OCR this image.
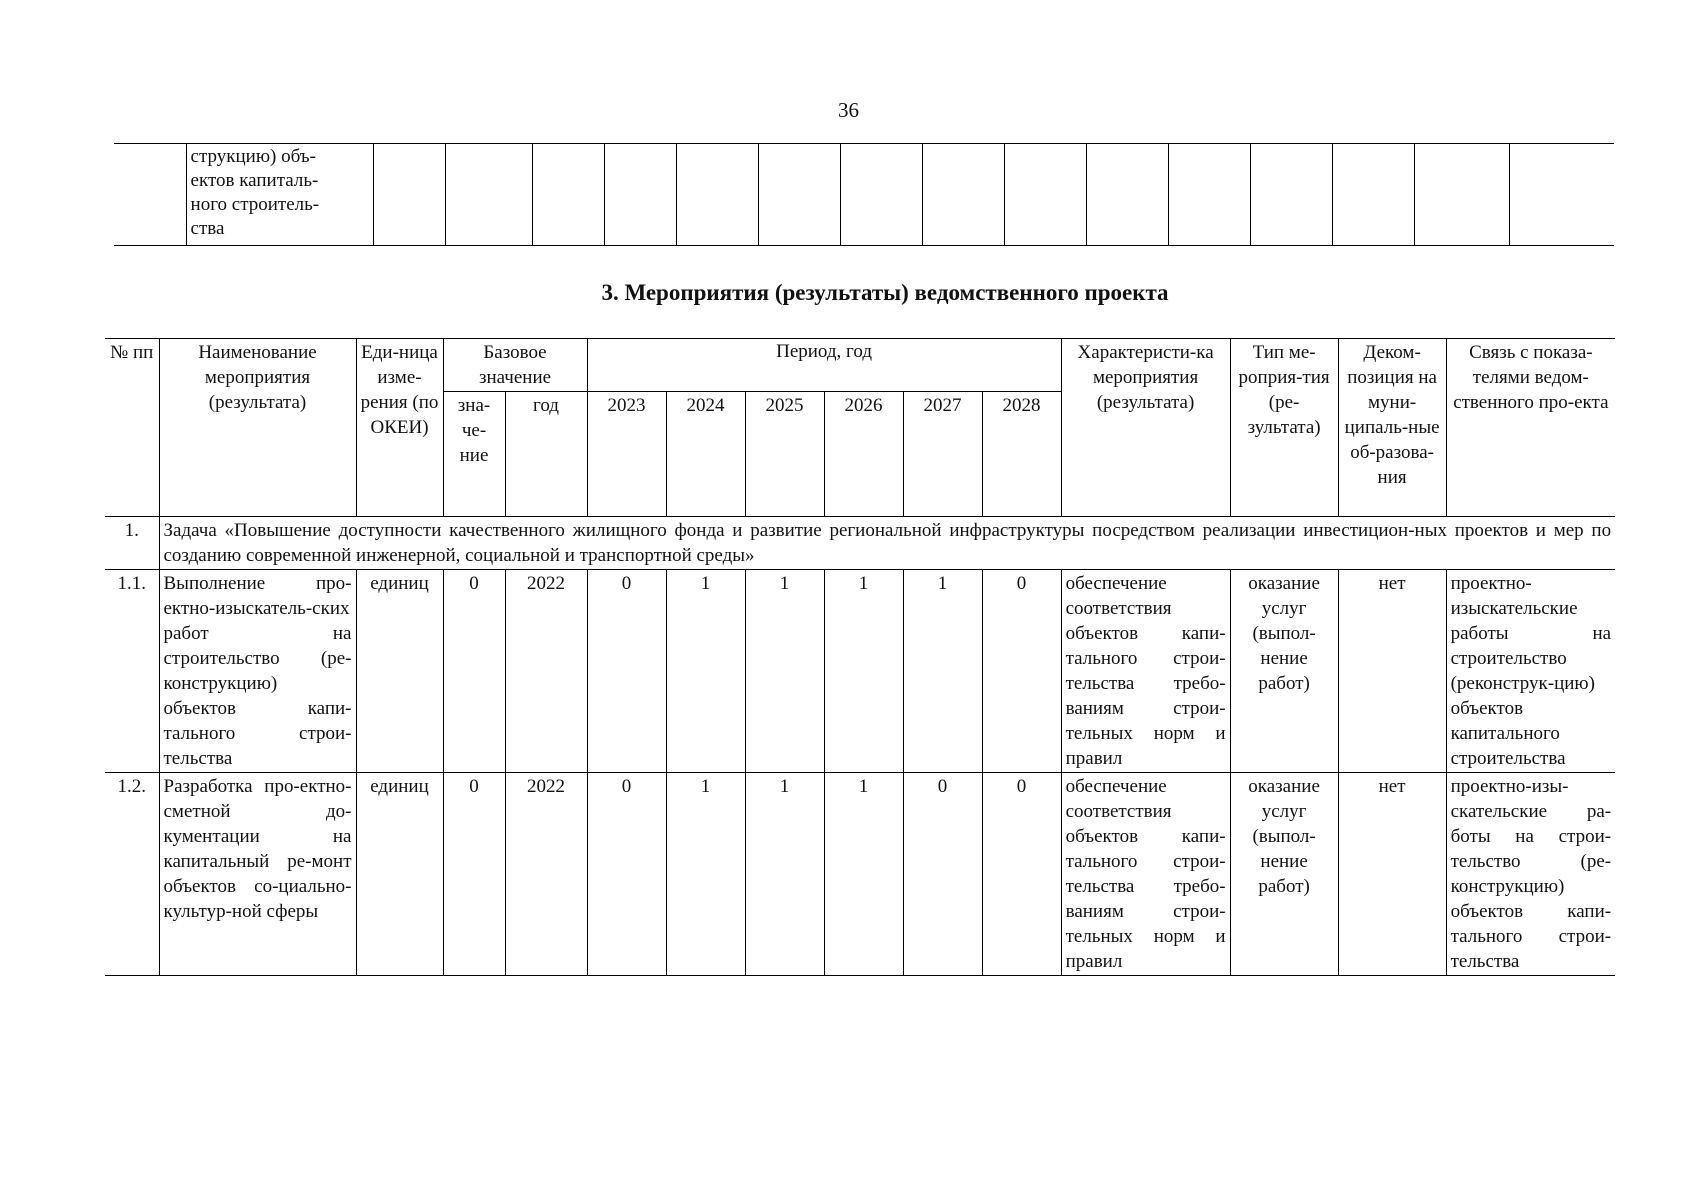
36

струкцию) объ-
ектов капиталь-
ного строитель-
ства

3. Мероприятия (результаты) ведомственного проекта
№ пп	Наименование мероприятия (результата)	Еди-ница изме-рения (по ОКЕИ)	Базовое значение		Период, год						Характеристи-ка мероприятия (результата)	Тип ме-роприя-тия (ре-зультата)	Деком-позиция на муни-ципаль-ные об-разова-ния	Связь с показа-телями ведом-ственного про-екта
			зна-че-ние	год	2023	2024	2025	2026	2027	2028				

1.	Задача «Повышение доступности качественного жилищного фонда и развитие региональной инфраструктуры посредством реализации инвестицион-ных проектов и мер по созданию современной инженерной, социальной и транспортной среды»													
1.1.	Выполнение про-ектно-изыскатель-ских работ на строительство (ре-конструкцию) объектов капи-тального строи-тельства	единиц	0	2022	0	1	1	1	1	0	обеспечение соответствия объектов капи-тального строи-тельства требо-ваниям строи-тельных норм и правил	оказание услуг (выпол-нение работ)	нет	проектно-изыскательские работы на строительство (реконструк-цию) объектов капитального строительства
1.2.	Разработка про-ектно-сметной до-кументации на капитальный ре-монт объектов со-циально-культур-ной сферы	единиц	0	2022	0	1	1	1	0	0	обеспечение соответствия объектов капи-тального строи-тельства требо-ваниям строи-тельных норм и правил	оказание услуг (выпол-нение работ)	нет	проектно-изы-скательские ра-боты на строи-тельство (ре-конструкцию) объектов капи-тального строи-тельства
